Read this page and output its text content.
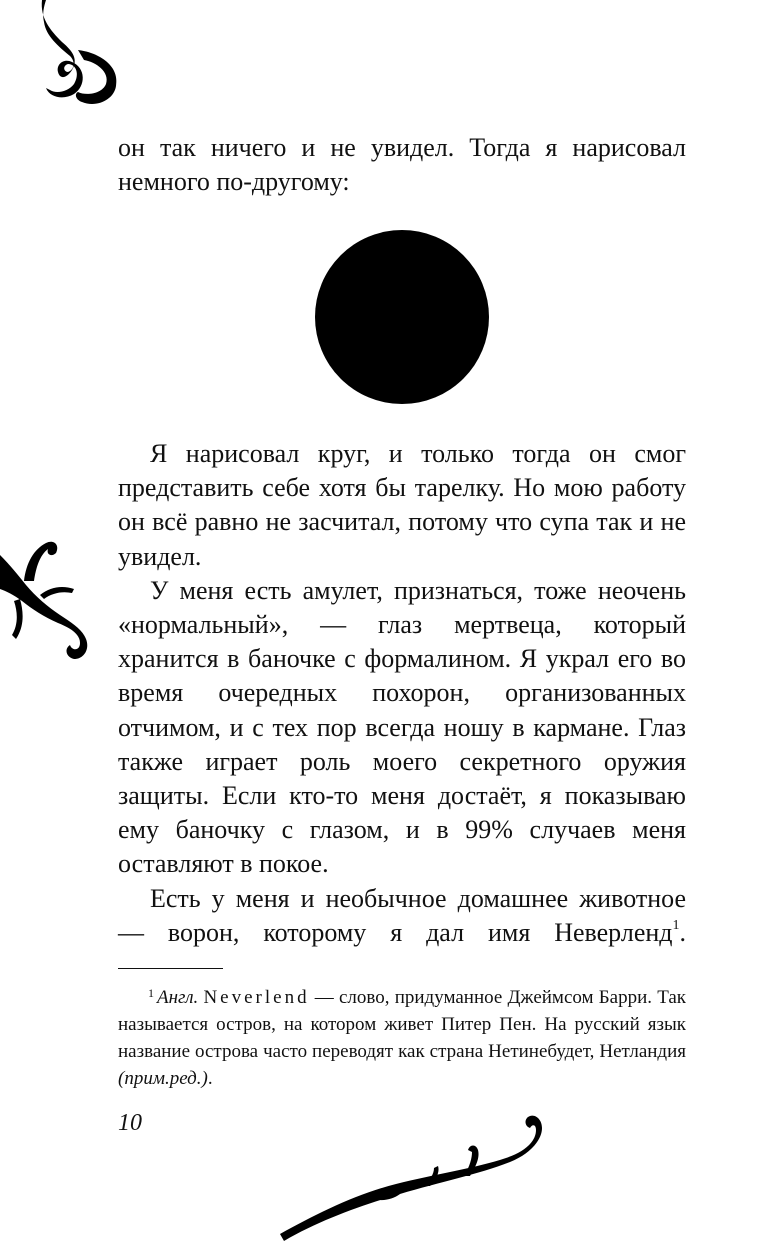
он так ничего и не увидел. Тогда я нарисовал немного по-другому:

Я нарисовал круг, и только тогда он смог представить себе хотя бы тарелку. Но мою работу он всё равно не засчитал, потому что супа так и не увидел.

У меня есть амулет, признаться, тоже неочень «нормальный», — глаз мертвеца, который хранится в баночке с формалином. Я украл его во время очередных похорон, организованных отчимом, и с тех пор всегда ношу в кармане. Глаз также играет роль моего секретного оружия защиты. Если кто-то меня достаёт, я показываю ему баночку с глазом, и в 99% случаев меня оставляют в покое.

Есть у меня и необычное домашнее животное — ворон, которому я дал имя Неверленд$^1$.

$^1$ Англ. Neverlend — слово, придуманное Джеймсом Барри. Так называется остров, на котором живет Питер Пен. На русский язык название острова часто переводят как страна Нетинебудет, Нетландия (прим.ред.).
10
